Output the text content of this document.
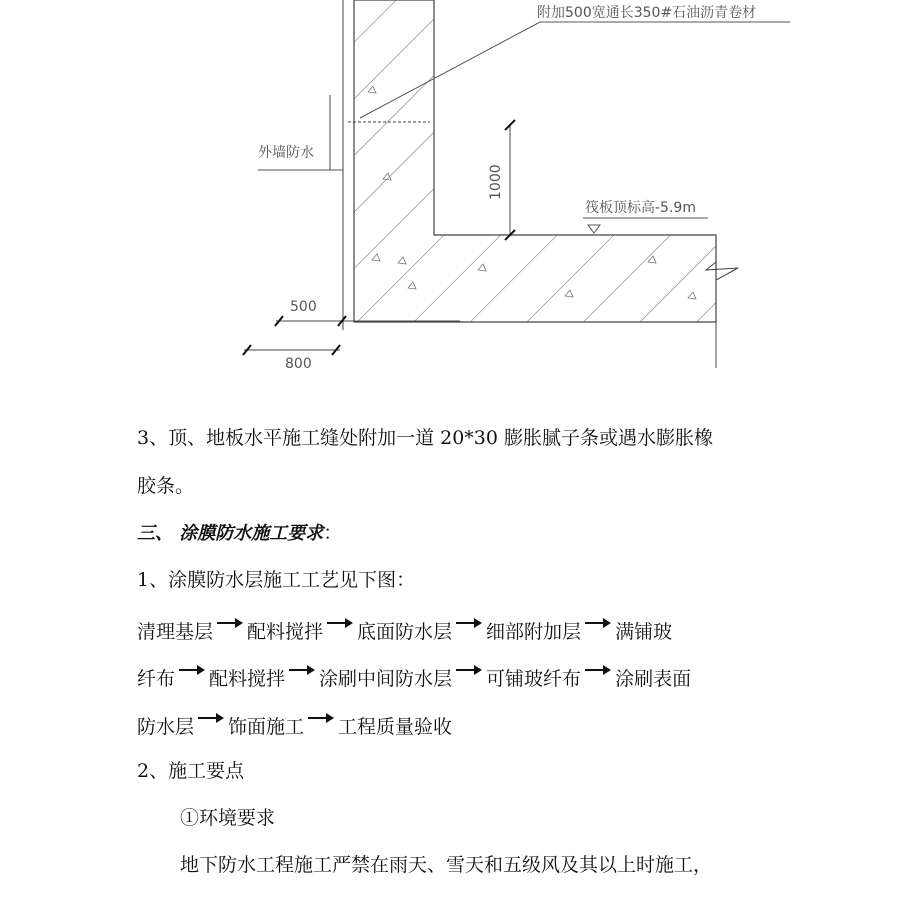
附加500宽通长350#石油沥青卷材
外墙防水
1000
筏板顶标高-5.9m
500
800
3、顶、地板水平施工缝处附加一道 20*30 膨胀腻子条或遇水膨胀橡
胶条。
三、 涂膜防水施工要求：
1、涂膜防水层施工工艺见下图：
清理基层 配料搅拌 底面防水层 细部附加层 满铺玻
纤布 配料搅拌 涂刷中间防水层 可铺玻纤布 涂刷表面
防水层 饰面施工 工程质量验收
2、施工要点
①环境要求
地下防水工程施工严禁在雨天、雪天和五级风及其以上时施工，
